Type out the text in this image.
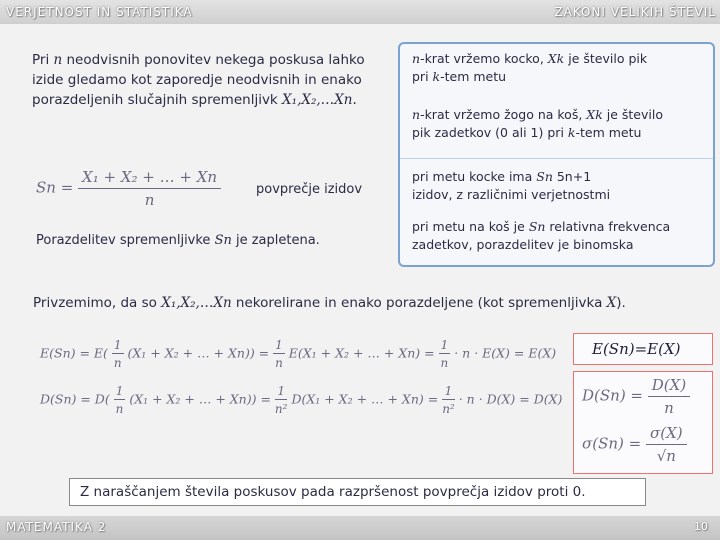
VERJETNOST IN STATISTIKA	ZAKONI VELIKIH ŠTEVIL
Pri n neodvisnih ponovitev nekega poskusa lahko
izide gledamo kot zaporedje neodvisnih in enako
porazdeljenih slučajnih spremenljivk X₁,X₂,…Xn.
$Sn = \frac{\text{X₁ + X₂ + … + Xn}}{n}$	povprečje izidov
Porazdelitev spremenljivke Sn je zapletena.
n-krat vržemo kocko, Xk je število pik
pri k-tem metu
n-krat vržemo žogo na koš, Xk je število
pik zadetkov (0 ali 1) pri k-tem metu
pri metu kocke ima Sn 5n+1
izidov, z različnimi verjetnostmi
pri metu na koš je Sn relativna frekvenca
zadetkov, porazdelitev je binomska
Privzemimo, da so X₁,X₂,…Xn nekorelirane in enako porazdeljene (kot spremenljivka X).
$E(Sn) = E( \frac{1}{n} (X_1 + X_2$ + … + $Xn)) = \frac{1}{n} E(X_1 + X_2$ + … + $Xn) = \frac{1}{n} \cdot n \cdot E(X) = E(X)$
$D(Sn) = D( \frac{1}{n} (X_1 + X_2$ + … + $Xn)) = \frac{1}{\text{n²}} D(X_1 + X_2$ + … + $Xn) = \frac{1}{\text{n²}} \cdot n \cdot D(X) = D(X)$
E(Sn)=E(X)
$D(Sn) = \frac{D(X)}{n}$
$\sigma(Sn) = \frac{\sigma(X)}{√n}$
Z naraščanjem števila poskusov pada razpršenost povprečja izidov proti 0.
MATEMATIKA 2	10
